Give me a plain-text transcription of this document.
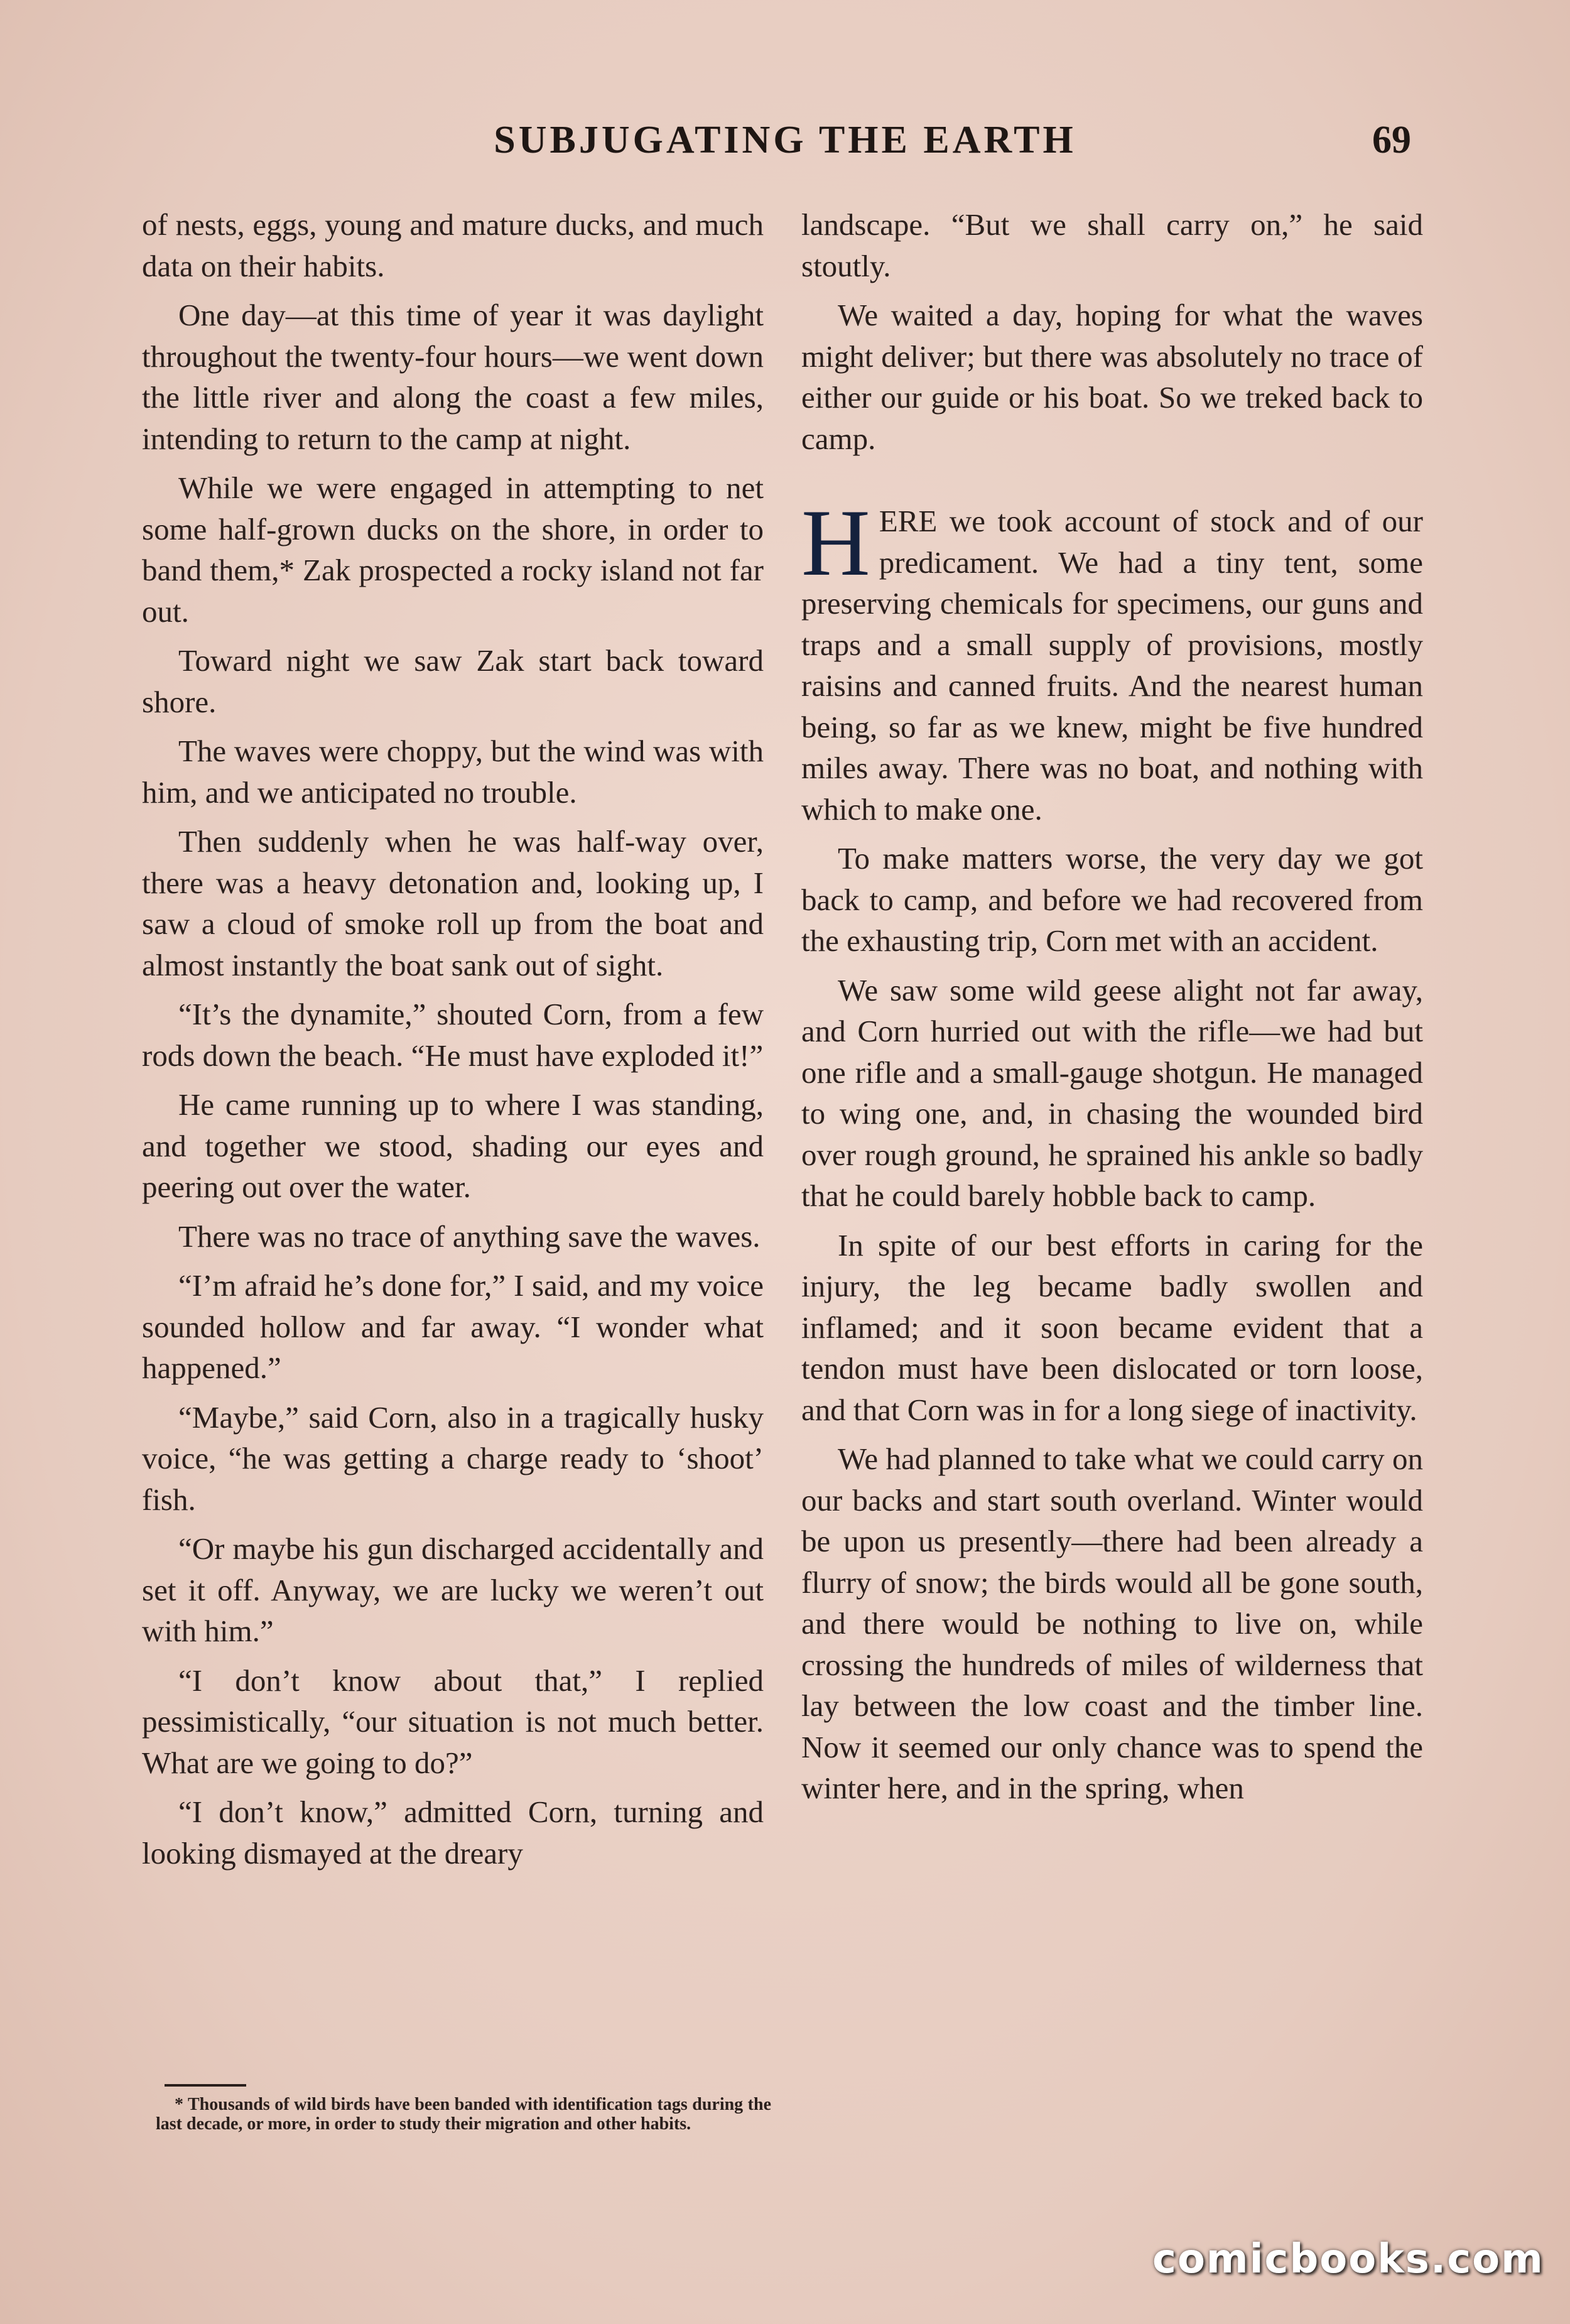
SUBJUGATING THE EARTH	69

of nests, eggs, young and mature ducks, and much data on their habits.

One day—at this time of year it was daylight throughout the twenty-four hours—we went down the little river and along the coast a few miles, intending to return to the camp at night.

While we were engaged in attempting to net some half-grown ducks on the shore, in order to band them,* Zak prospected a rocky island not far out.

Toward night we saw Zak start back toward shore.

The waves were choppy, but the wind was with him, and we anticipated no trouble.

Then suddenly when he was half-way over, there was a heavy detonation and, looking up, I saw a cloud of smoke roll up from the boat and almost instantly the boat sank out of sight.

“It’s the dynamite,” shouted Corn, from a few rods down the beach. “He must have exploded it!”

He came running up to where I was standing, and together we stood, shading our eyes and peering out over the water.

There was no trace of anything save the waves.

“I’m afraid he’s done for,” I said, and my voice sounded hollow and far away. “I wonder what happened.”

“Maybe,” said Corn, also in a tragically husky voice, “he was getting a charge ready to ‘shoot’ fish.

“Or maybe his gun discharged accidentally and set it off. Anyway, we are lucky we weren’t out with him.”

“I don’t know about that,” I replied pessimistically, “our situation is not much better. What are we going to do?”

“I don’t know,” admitted Corn, turning and looking dismayed at the dreary

landscape. “But we shall carry on,” he said stoutly.

We waited a day, hoping for what the waves might deliver; but there was absolutely no trace of either our guide or his boat. So we treked back to camp.

HERE we took account of stock and of our predicament. We had a tiny tent, some preserving chemicals for specimens, our guns and traps and a small supply of provisions, mostly raisins and canned fruits. And the nearest human being, so far as we knew, might be five hundred miles away. There was no boat, and nothing with which to make one.

To make matters worse, the very day we got back to camp, and before we had recovered from the exhausting trip, Corn met with an accident.

We saw some wild geese alight not far away, and Corn hurried out with the rifle—we had but one rifle and a small-gauge shotgun. He managed to wing one, and, in chasing the wounded bird over rough ground, he sprained his ankle so badly that he could barely hobble back to camp.

In spite of our best efforts in caring for the injury, the leg became badly swollen and inflamed; and it soon became evident that a tendon must have been dislocated or torn loose, and that Corn was in for a long siege of inactivity.

We had planned to take what we could carry on our backs and start south overland. Winter would be upon us presently—there had been already a flurry of snow; the birds would all be gone south, and there would be nothing to live on, while crossing the hundreds of miles of wilderness that lay between the low coast and the timber line. Now it seemed our only chance was to spend the winter here, and in the spring, when

* Thousands of wild birds have been banded with identification tags during the last decade, or more, in order to study their migration and other habits.
comicbooks.com
